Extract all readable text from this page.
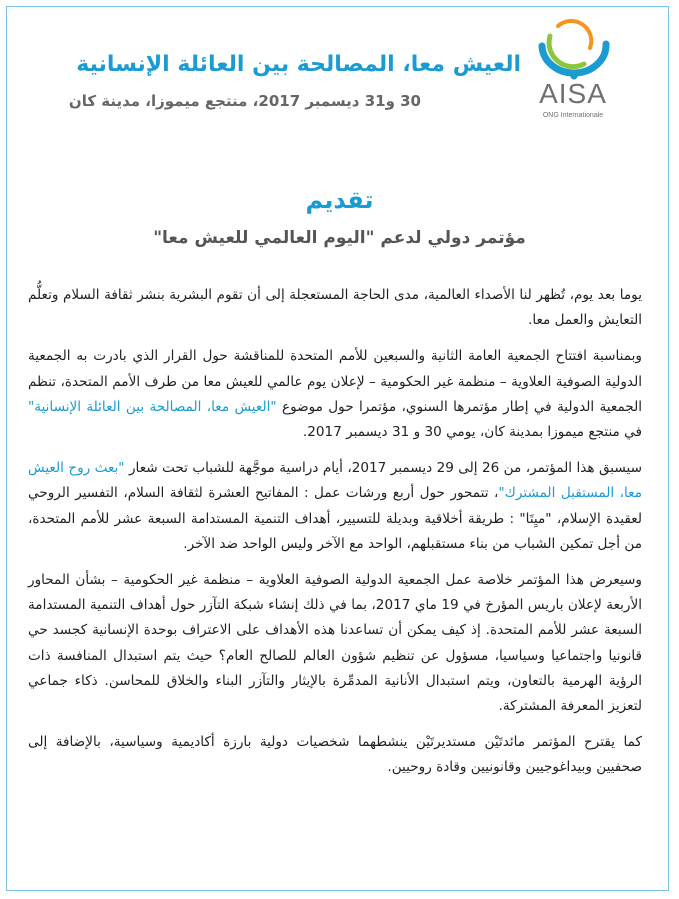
AISA
ONG Internationale
العيش معا، المصالحة بين العائلة الإنسانية
30 و31 ديسمبر 2017، منتجع ميموزا، مدينة كان
تقديم
مؤتمر دولي لدعم "اليوم العالمي للعيش معا"

يوما بعد يوم، تُظهر لنا الأصداء العالمية، مدى الحاجة المستعجلة إلى أن تقوم البشرية بنشر ثقافة السلام وتعلُّم التعايش والعمل معا.

وبمناسبة افتتاح الجمعية العامة الثانية والسبعين للأمم المتحدة للمناقشة حول القرار الذي بادرت به الجمعية الدولية الصوفية العلاوية – منظمة غير الحكومية – لإعلان يوم عالمي للعيش معا من طرف الأمم المتحدة، تنظم الجمعية الدولية في إطار مؤتمرها السنوي، مؤتمرا حول موضوع "العيش معا، المصالحة بين العائلة الإنسانية" في منتجع ميموزا بمدينة كان، يومي 30 و 31 ديسمبر 2017.

سيسبق هذا المؤتمر، من 26 إلى 29 ديسمبر 2017، أيام دراسية موجَّهة للشباب تحت شعار "بعث روح العيش معا، المستقبل المشترك"، تتمحور حول أربع ورشات عمل : المفاتيح العشرة لثقافة السلام، التفسير الروحي لعقيدة الإسلام، "ميِتَا" : طريقة أخلاقية وبديلة للتسيير، أهداف التنمية المستدامة السبعة عشر للأمم المتحدة، من أجل تمكين الشباب من بناء مستقبلهم، الواحد مع الآخر وليس الواحد ضد الآخر.

وسيعرض هذا المؤتمر خلاصة عمل الجمعية الدولية الصوفية العلاوية – منظمة غير الحكومية – بشأن المحاور الأربعة لإعلان باريس المؤرخ في 19 ماي 2017، بما في ذلك إنشاء شبكة التآزر حول أهداف التنمية المستدامة السبعة عشر للأمم المتحدة. إذ كيف يمكن أن تساعدنا هذه الأهداف على الاعتراف بوحدة الإنسانية كجسد حي قانونيا واجتماعيا وسياسيا، مسؤول عن تنظيم شؤون العالم للصالح العام؟ حيث يتم استبدال المنافسة ذات الرؤية الهرمية بالتعاون، ويتم استبدال الأنانية المدمِّرة بالإيثار والتآزر البناء والخلاق للمحاسن. ذكاء جماعي لتعزيز المعرفة المشتركة.

كما يقترح المؤتمر مائدتَيْن مستديرتَيْن ينشطهما شخصيات دولية بارزة أكاديمية وسياسية، بالإضافة إلى صحفيين وبيداغوجيين وقانونيين وقادة روحيين.
